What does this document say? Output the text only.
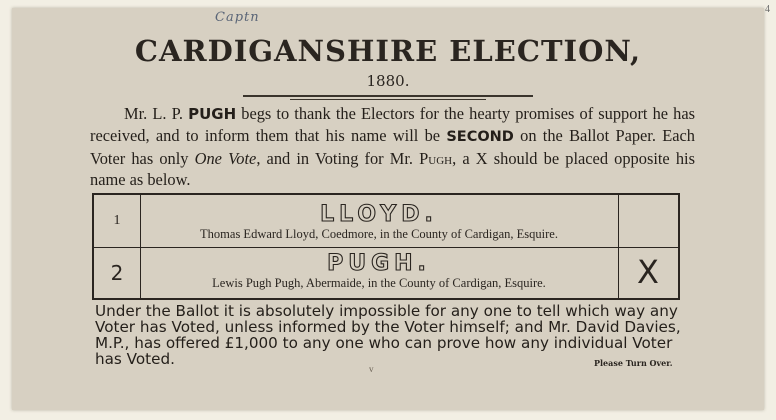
4
Captn
CARDIGANSHIRE ELECTION,
1880.
Mr. L. P. PUGH begs to thank the Electors for the hearty promises of support he has received, and to inform them that his name will be SECOND on the Ballot Paper. Each Voter has only One Vote, and in Voting for Mr. Pugh, a X should be placed opposite his name as below.
1	LLOYD.
Thomas Edward Lloyd, Coedmore, in the County of Cardigan, Esquire.
2	PUGH.
Lewis Pugh Pugh, Abermaide, in the County of Cardigan, Esquire.	X
Under the Ballot it is absolutely impossible for any one to tell which way any Voter has Voted, unless informed by the Voter himself; and Mr. David Davies, M.P., has offered £1,000 to any one who can prove how any individual Voter has Voted.
v
Please Turn Over.
